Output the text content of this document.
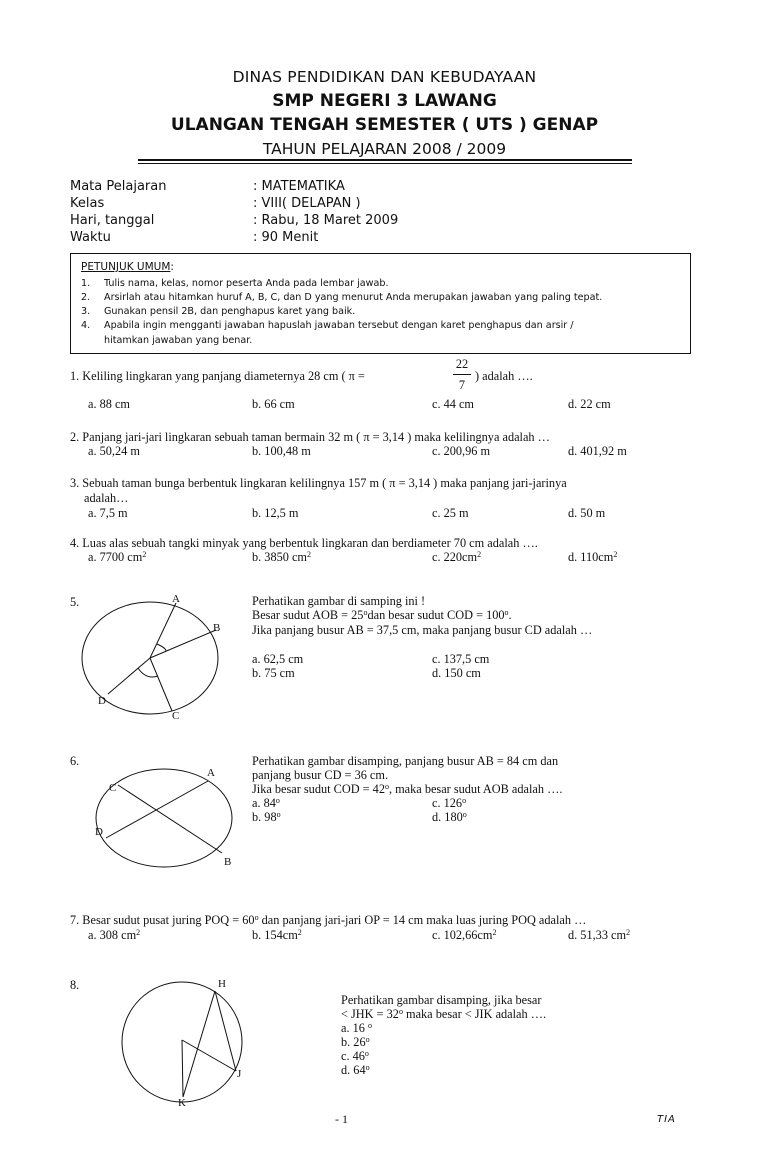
DINAS PENDIDIKAN DAN KEBUDAYAAN
SMP NEGERI 3 LAWANG
ULANGAN TENGAH SEMESTER ( UTS ) GENAP
TAHUN PELAJARAN 2008 / 2009
Mata Pelajaran	: MATEMATIKA
Kelas	: VIII( DELAPAN )
Hari, tanggal	: Rabu, 18 Maret 2009
Waktu	: 90 Menit
PETUNJUK UMUM:
1. Tulis nama, kelas, nomor peserta Anda pada lembar jawab.
2. Arsirlah atau hitamkan huruf A, B, C, dan D yang menurut Anda merupakan jawaban yang paling tepat.
3. Gunakan pensil 2B, dan penghapus karet yang baik.
4. Apabila ingin mengganti jawaban hapuslah jawaban tersebut dengan karet penghapus dan arsir /
hitamkan jawaban yang benar.
1. Keliling lingkaran yang panjang diameternya 28 cm ( π =
22
7
) adalah ….
a. 88 cm	b. 66 cm	c. 44 cm	d. 22 cm
2. Panjang jari-jari lingkaran sebuah taman bermain 32 m ( π = 3,14 ) maka kelilingnya adalah …
a. 50,24 m	b. 100,48 m	c. 200,96 m	d. 401,92 m
3. Sebuah taman bunga berbentuk lingkaran kelilingnya 157 m ( π = 3,14 ) maka panjang jari-jarinya
adalah…
a. 7,5 m	b. 12,5 m	c. 25 m	d. 50 m
4. Luas alas sebuah tangki minyak yang berbentuk lingkaran dan berdiameter 70 cm adalah ….
a. 7700 $cm^2$	b. 3850 $cm^2$	c. $220cm^2$	d. $110cm^2$
5.	A
B
C
D
Perhatikan gambar di samping ini !
Besar sudut AOB = $25^odan$ besar sudut COD = $100^o$.
Jika panjang busur AB = 37,5 cm, maka panjang busur CD adalah …
a. 62,5 cm	c. 137,5 cm
b. 75 cm	d. 150 cm
6.
A
B
C
D
Perhatikan gambar disamping, panjang busur AB = 84 cm dan
panjang busur CD = 36 cm.
Jika besar sudut COD = $42^o$, maka besar sudut AOB adalah ….
a. 84$^o$	c. 126$^o$
b. 98$^o$	d. 180$^o$
7. Besar sudut pusat juring POQ = $60^o$ dan panjang jari-jari OP = 14 cm maka luas juring POQ adalah …
a. 308 $cm^2$	b. $154cm^2$	c. $102,66cm^2$	d. 51,33 $cm^2$
8.	H
J
K
Perhatikan gambar disamping, jika besar
< JHK = $32^o$ maka besar < JIK adalah ….
a. 16 $^o$
b. 26$^o$
c. 46$^o$
d. 64$^o$
- 1	TIA
